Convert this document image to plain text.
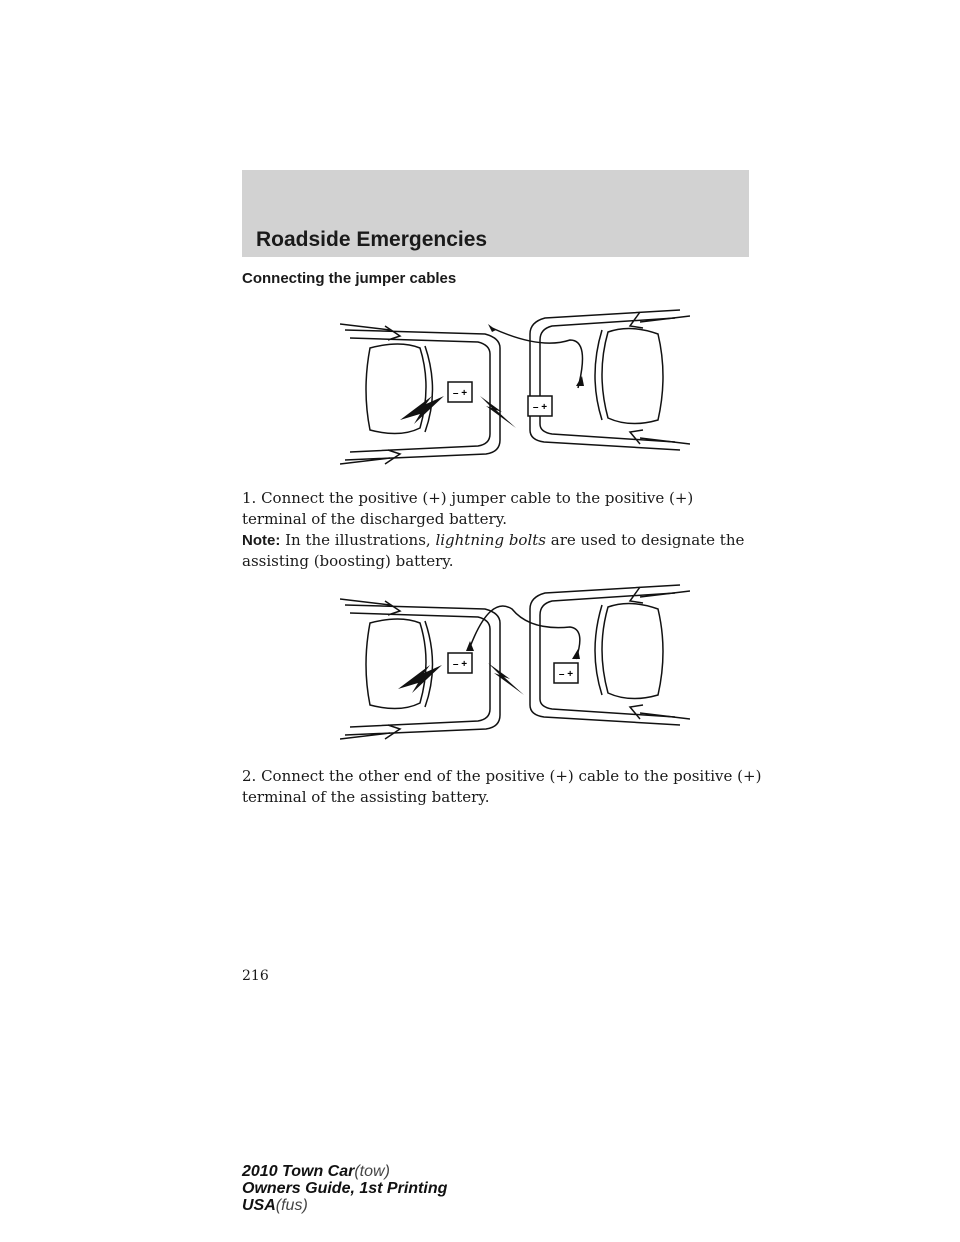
Roadside Emergencies
Connecting the jumper cables
– +
– +
1. Connect the positive (+) jumper cable to the positive (+) terminal of the discharged battery.
Note: In the illustrations, lightning bolts are used to designate the assisting (boosting) battery.
– +
– +
2. Connect the other end of the positive (+) cable to the positive (+) terminal of the assisting battery.
216
2010 Town Car(tow)
Owners Guide, 1st Printing
USA(fus)
